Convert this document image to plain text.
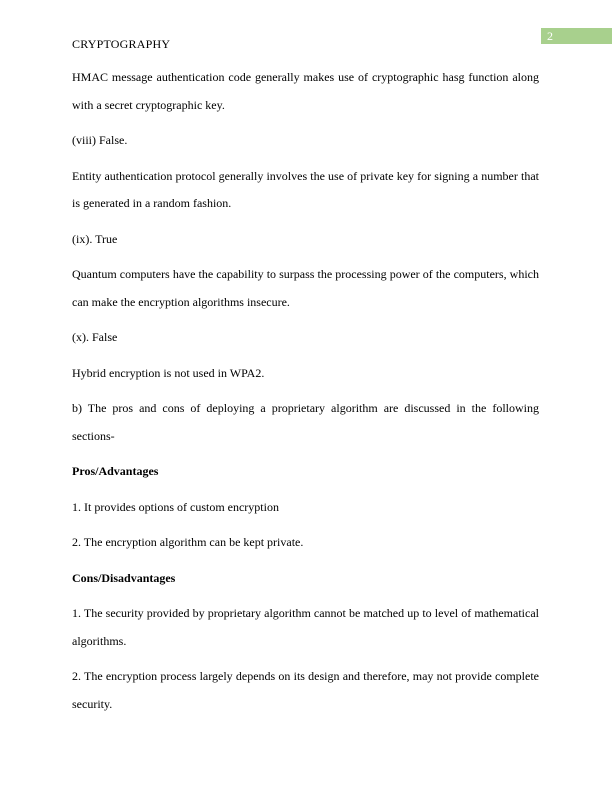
CRYPTOGRAPHY
2

HMAC message authentication code generally makes use of cryptographic hasg function along with a secret cryptographic key.

(viii) False.

Entity authentication protocol generally involves the use of private key for signing a number that is generated in a random fashion.

(ix). True

Quantum computers have the capability to surpass the processing power of the computers, which can make the encryption algorithms insecure.

(x). False

Hybrid encryption is not used in WPA2.

b) The pros and cons of deploying a proprietary algorithm are discussed in the following sections-

Pros/Advantages

1. It provides options of custom encryption

2. The encryption algorithm can be kept private.

Cons/Disadvantages

1. The security provided by proprietary algorithm cannot be matched up to level of mathematical algorithms.

2. The encryption process largely depends on its design and therefore, may not provide complete security.
